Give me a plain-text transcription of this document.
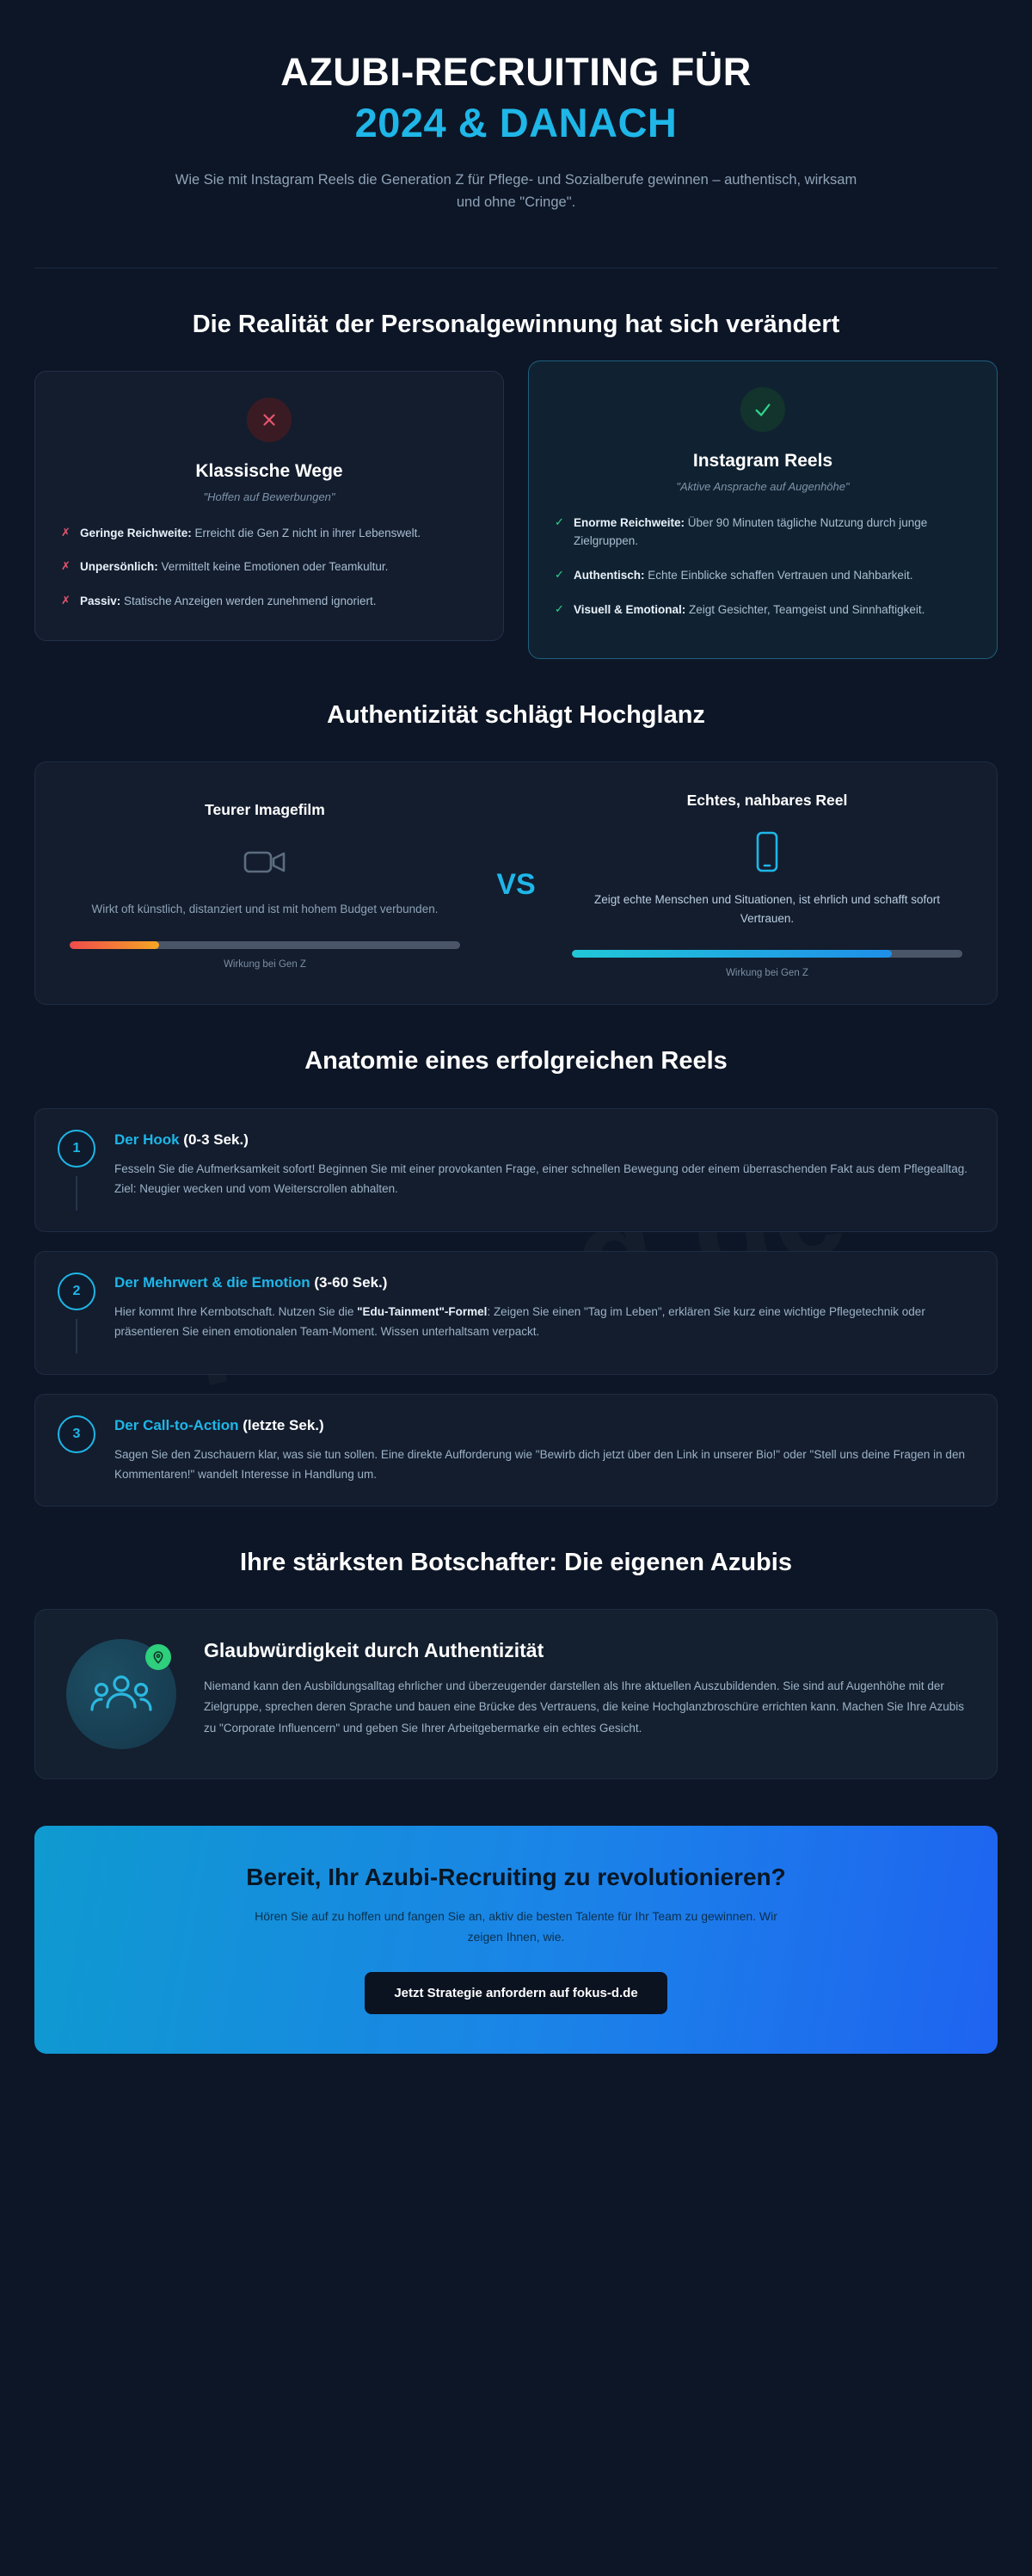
AZUBI-RECRUITING FÜR
2024 & DANACH

Wie Sie mit Instagram Reels die Generation Z für Pflege- und Sozialberufe gewinnen – authentisch, wirksam und ohne "Cringe".

Die Realität der Personalgewinnung hat sich verändert
Klassische Wege
"Hoffen auf Bewerbungen"
✗ Geringe Reichweite: Erreicht die Gen Z nicht in ihrer Lebenswelt.
✗ Unpersönlich: Vermittelt keine Emotionen oder Teamkultur.
✗ Passiv: Statische Anzeigen werden zunehmend ignoriert.
Instagram Reels
"Aktive Ansprache auf Augenhöhe"
✓ Enorme Reichweite: Über 90 Minuten tägliche Nutzung durch junge Zielgruppen.
✓ Authentisch: Echte Einblicke schaffen Vertrauen und Nahbarkeit.
✓ Visuell & Emotional: Zeigt Gesichter, Teamgeist und Sinnhaftigkeit.
Authentizität schlägt Hochglanz
Teurer Imagefilm

Wirkt oft künstlich, distanziert und ist mit hohem Budget verbunden.

Wirkung bei Gen Z
VS
Echtes, nahbares Reel

Zeigt echte Menschen und Situationen, ist ehrlich und schafft sofort Vertrauen.

Wirkung bei Gen Z
Anatomie eines erfolgreichen Reels
1
Der Hook (0-3 Sek.)
Fesseln Sie die Aufmerksamkeit sofort! Beginnen Sie mit einer provokanten Frage, einer schnellen Bewegung oder einem überraschenden Fakt aus dem Pflegealltag. Ziel: Neugier wecken und vom Weiterscrollen abhalten.
2
Der Mehrwert & die Emotion (3-60 Sek.)
Hier kommt Ihre Kernbotschaft. Nutzen Sie die "Edu-Tainment"-Formel: Zeigen Sie einen "Tag im Leben", erklären Sie kurz eine wichtige Pflegetechnik oder präsentieren Sie einen emotionalen Team-Moment. Wissen unterhaltsam verpackt.
3
Der Call-to-Action (letzte Sek.)
Sagen Sie den Zuschauern klar, was sie tun sollen. Eine direkte Aufforderung wie "Bewirb dich jetzt über den Link in unserer Bio!" oder "Stell uns deine Fragen in den Kommentaren!" wandelt Interesse in Handlung um.
Ihre stärksten Botschafter: Die eigenen Azubis
Glaubwürdigkeit durch Authentizität

Niemand kann den Ausbildungsalltag ehrlicher und überzeugender darstellen als Ihre aktuellen Auszubildenden. Sie sind auf Augenhöhe mit der Zielgruppe, sprechen deren Sprache und bauen eine Brücke des Vertrauens, die keine Hochglanzbroschüre errichten kann. Machen Sie Ihre Azubis zu "Corporate Influencern" und geben Sie Ihrer Arbeitgebermarke ein echtes Gesicht.

Bereit, Ihr Azubi-Recruiting zu revolutionieren?

Hören Sie auf zu hoffen und fangen Sie an, aktiv die besten Talente für Ihr Team zu gewinnen. Wir zeigen Ihnen, wie.

Jetzt Strategie anfordern auf fokus-d.de
